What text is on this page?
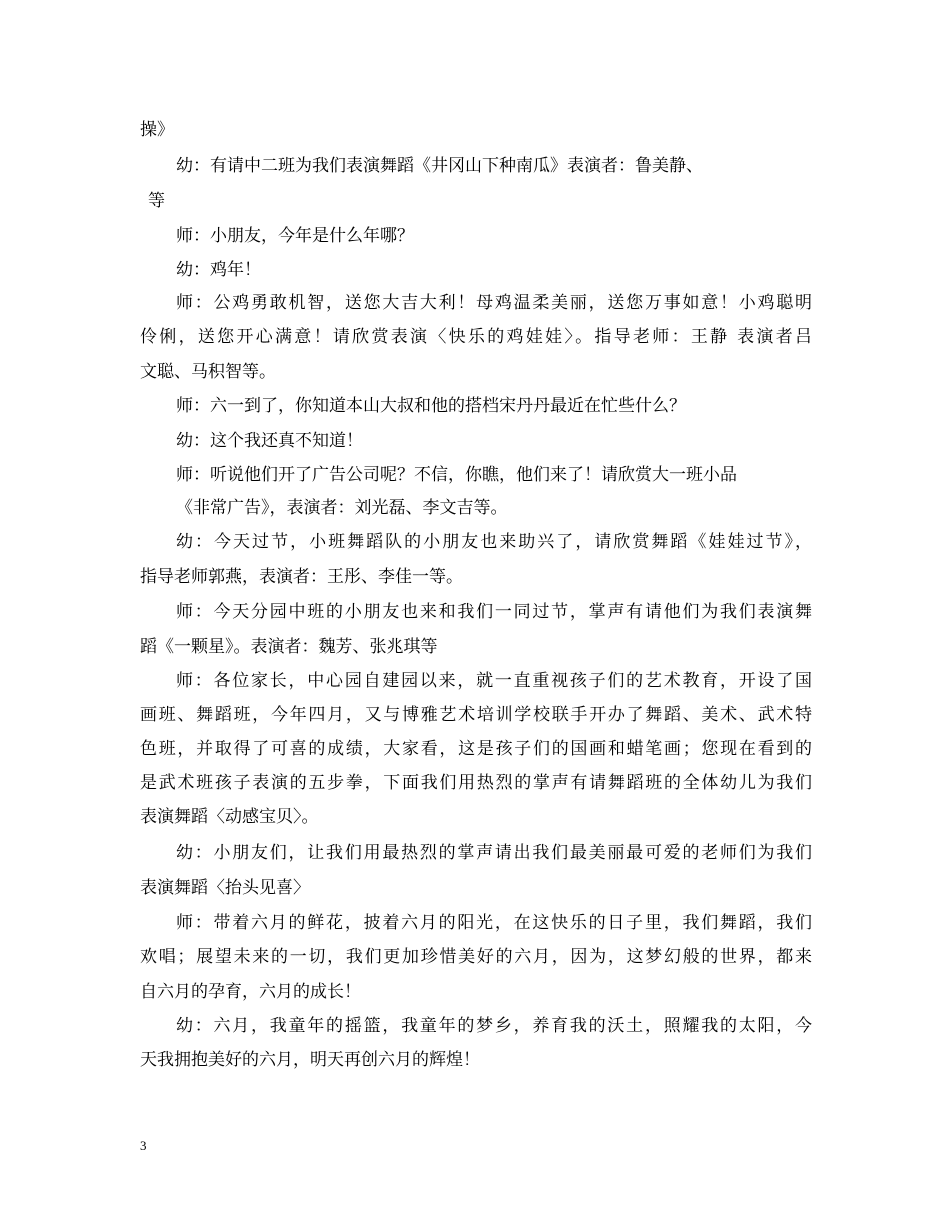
操》
幼：有请中二班为我们表演舞蹈《井冈山下种南瓜》表演者：鲁美静、
等
师：小朋友，今年是什么年哪？
幼：鸡年！
师：公鸡勇敢机智，送您大吉大利！母鸡温柔美丽，送您万事如意！小鸡聪明
伶俐，送您开心满意！请欣赏表演〈快乐的鸡娃娃〉。指导老师：王静 表演者吕
文聪、马积智等。
师：六一到了，你知道本山大叔和他的搭档宋丹丹最近在忙些什么？
幼：这个我还真不知道！
师：听说他们开了广告公司呢？不信，你瞧，他们来了！请欣赏大一班小品
《非常广告》，表演者：刘光磊、李文吉等。
幼：今天过节，小班舞蹈队的小朋友也来助兴了，请欣赏舞蹈《娃娃过节》，
指导老师郭燕，表演者：王彤、李佳一等。
师：今天分园中班的小朋友也来和我们一同过节，掌声有请他们为我们表演舞
蹈《一颗星》。表演者：魏芳、张兆琪等
师：各位家长，中心园自建园以来，就一直重视孩子们的艺术教育，开设了国
画班、舞蹈班，今年四月，又与博雅艺术培训学校联手开办了舞蹈、美术、武术特
色班，并取得了可喜的成绩，大家看，这是孩子们的国画和蜡笔画；您现在看到的
是武术班孩子表演的五步拳，下面我们用热烈的掌声有请舞蹈班的全体幼儿为我们
表演舞蹈〈动感宝贝〉。
幼：小朋友们，让我们用最热烈的掌声请出我们最美丽最可爱的老师们为我们
表演舞蹈〈抬头见喜〉
师：带着六月的鲜花，披着六月的阳光，在这快乐的日子里，我们舞蹈，我们
欢唱；展望未来的一切，我们更加珍惜美好的六月，因为，这梦幻般的世界，都来
自六月的孕育，六月的成长！
幼：六月，我童年的摇篮，我童年的梦乡，养育我的沃土，照耀我的太阳，今
天我拥抱美好的六月，明天再创六月的辉煌！
3
